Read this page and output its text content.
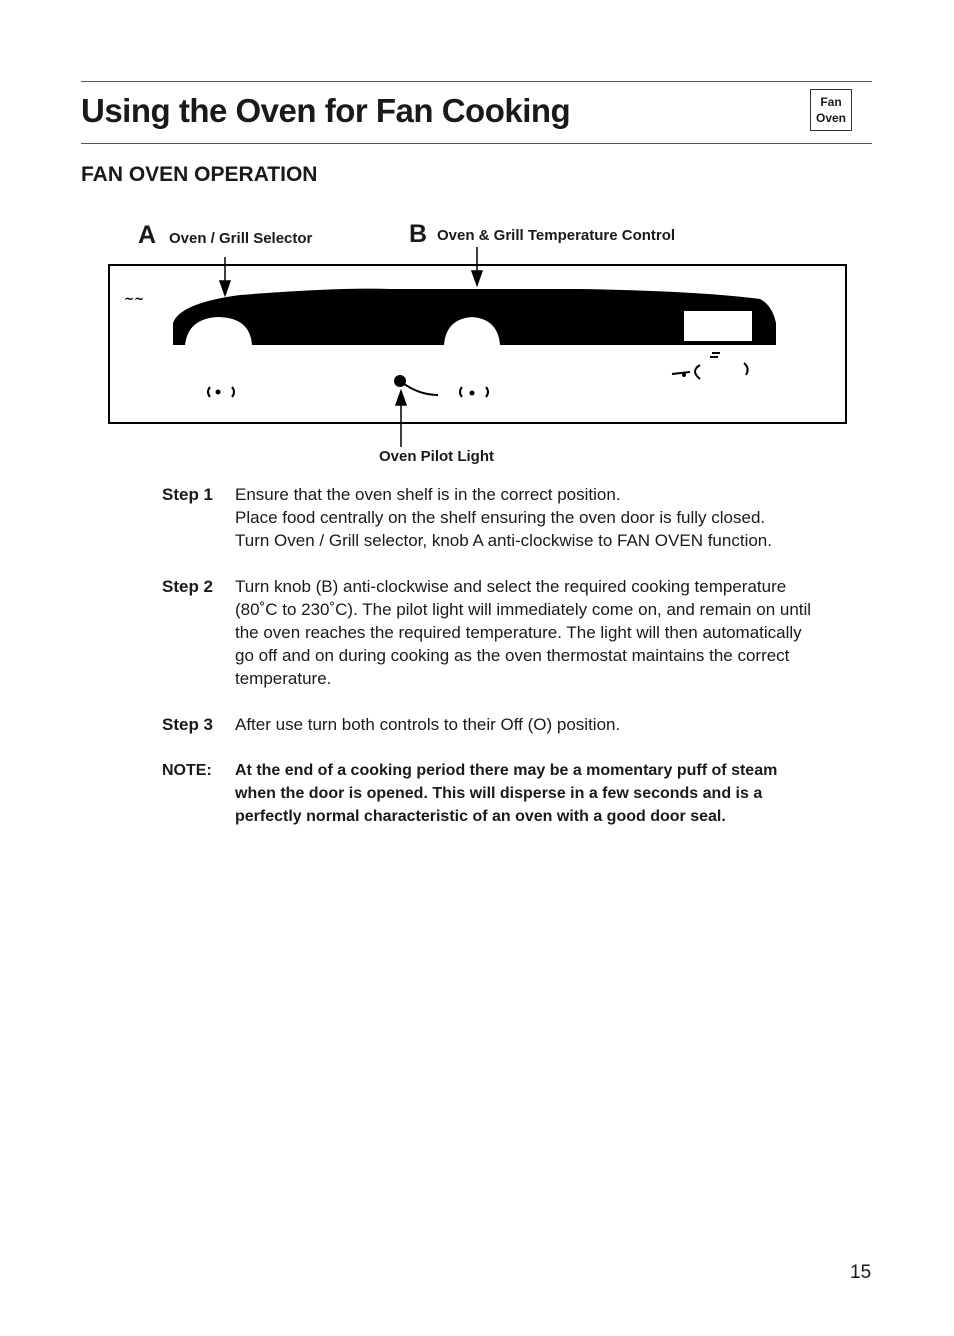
Using the Oven for Fan Cooking	Fan
Oven
FAN OVEN OPERATION
~~
A Oven / Grill Selector	B Oven & Grill Temperature Control
Oven Pilot Light
Step 1	Ensure that the oven shelf is in the correct position.
Place food centrally on the shelf ensuring the oven door is fully closed.
Turn Oven / Grill selector, knob A anti-clockwise to FAN OVEN function.
Step 2	Turn knob (B) anti-clockwise and select the required cooking temperature
(80˚C to 230˚C). The pilot light will immediately come on, and remain on until
the oven reaches the required temperature. The light will then automatically
go off and on during cooking as the oven thermostat maintains the correct
temperature.
Step 3	After use turn both controls to their Off (O) position.
NOTE:	At the end of a cooking period there may be a momentary puff of steam
when the door is opened. This will disperse in a few seconds and is a
perfectly normal characteristic of an oven with a good door seal.
15
